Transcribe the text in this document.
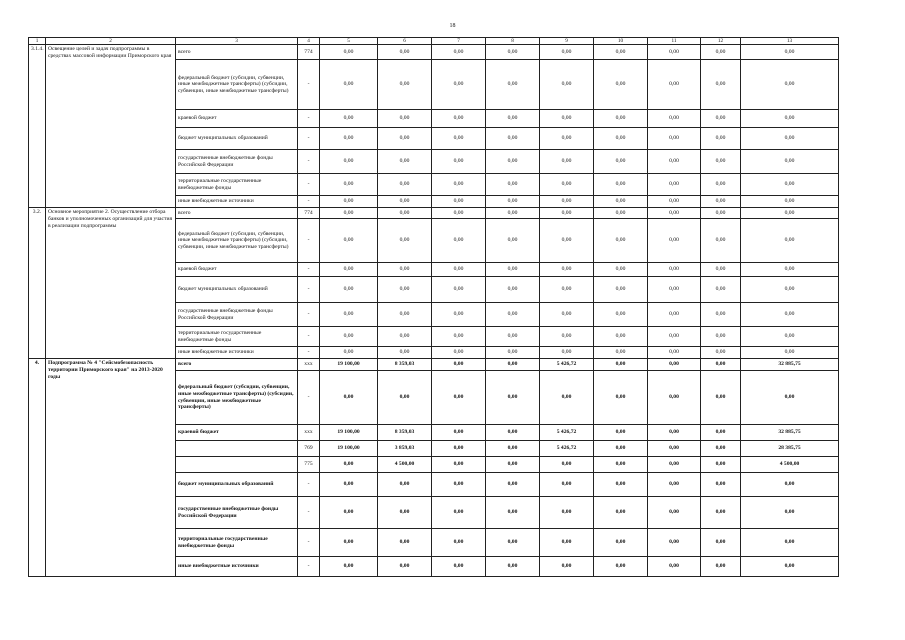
18
1	2	3	4	5	6	7	8	9	10	11	12	13
3.1.4.	Освещение целей и задач подпрограммы в средствах массовой информации Приморского края	всего	774	0,00	0,00	0,00	0,00	0,00	0,00	0,00	0,00	0,00
		федеральный бюджет (субсидии, субвенции, иные межбюджетные трансферты) (субсидии, субвенции, иные межбюджетные трансферты)	-	0,00	0,00	0,00	0,00	0,00	0,00	0,00	0,00	0,00
		краевой бюджет	-	0,00	0,00	0,00	0,00	0,00	0,00	0,00	0,00	0,00
		бюджет муниципальных образований	-	0,00	0,00	0,00	0,00	0,00	0,00	0,00	0,00	0,00
		государственные внебюджетные фонды Российской Федерации	-	0,00	0,00	0,00	0,00	0,00	0,00	0,00	0,00	0,00
		территориальные государственные внебюджетные фонды	-	0,00	0,00	0,00	0,00	0,00	0,00	0,00	0,00	0,00
		иные внебюджетные источники	-	0,00	0,00	0,00	0,00	0,00	0,00	0,00	0,00	0,00
3.2.	Основное мероприятие 2. Осуществление отбора банков и уполномоченных организаций для участия в реализации подпрограммы	всего	774	0,00	0,00	0,00	0,00	0,00	0,00	0,00	0,00	0,00
		федеральный бюджет (субсидии, субвенции, иные межбюджетные трансферты) (субсидии, субвенции, иные межбюджетные трансферты)	-	0,00	0,00	0,00	0,00	0,00	0,00	0,00	0,00	0,00
		краевой бюджет	-	0,00	0,00	0,00	0,00	0,00	0,00	0,00	0,00	0,00
		бюджет муниципальных образований	-	0,00	0,00	0,00	0,00	0,00	0,00	0,00	0,00	0,00
		государственные внебюджетные фонды Российской Федерации	-	0,00	0,00	0,00	0,00	0,00	0,00	0,00	0,00	0,00
		территориальные государственные внебюджетные фонды	-	0,00	0,00	0,00	0,00	0,00	0,00	0,00	0,00	0,00
		иные внебюджетные источники	-	0,00	0,00	0,00	0,00	0,00	0,00	0,00	0,00	0,00
4.	Подпрограмма № 4 "Сейсмобезопасность территории Приморского края" на 2013-2020 годы	всего	ххх	19 100,00	8 359,03	0,00	0,00	5 426,72	0,00	0,00	0,00	32 885,75
		федеральный бюджет (субсидии, субвенции, иные межбюджетные трансферты) (субсидии, субвенции, иные межбюджетные трансферты)	-	0,00	0,00	0,00	0,00	0,00	0,00	0,00	0,00	0,00
		краевой бюджет	ххх	19 100,00	8 359,03	0,00	0,00	5 426,72	0,00	0,00	0,00	32 885,75
			769	19 100,00	3 859,03	0,00	0,00	5 426,72	0,00	0,00	0,00	28 385,75
			775	0,00	4 500,00	0,00	0,00	0,00	0,00	0,00	0,00	4 500,00
		бюджет муниципальных образований	-	0,00	0,00	0,00	0,00	0,00	0,00	0,00	0,00	0,00
		государственные внебюджетные фонды Российской Федерации	-	0,00	0,00	0,00	0,00	0,00	0,00	0,00	0,00	0,00
		территориальные государственные внебюджетные фонды	-	0,00	0,00	0,00	0,00	0,00	0,00	0,00	0,00	0,00
		иные внебюджетные источники	-	0,00	0,00	0,00	0,00	0,00	0,00	0,00	0,00	0,00
